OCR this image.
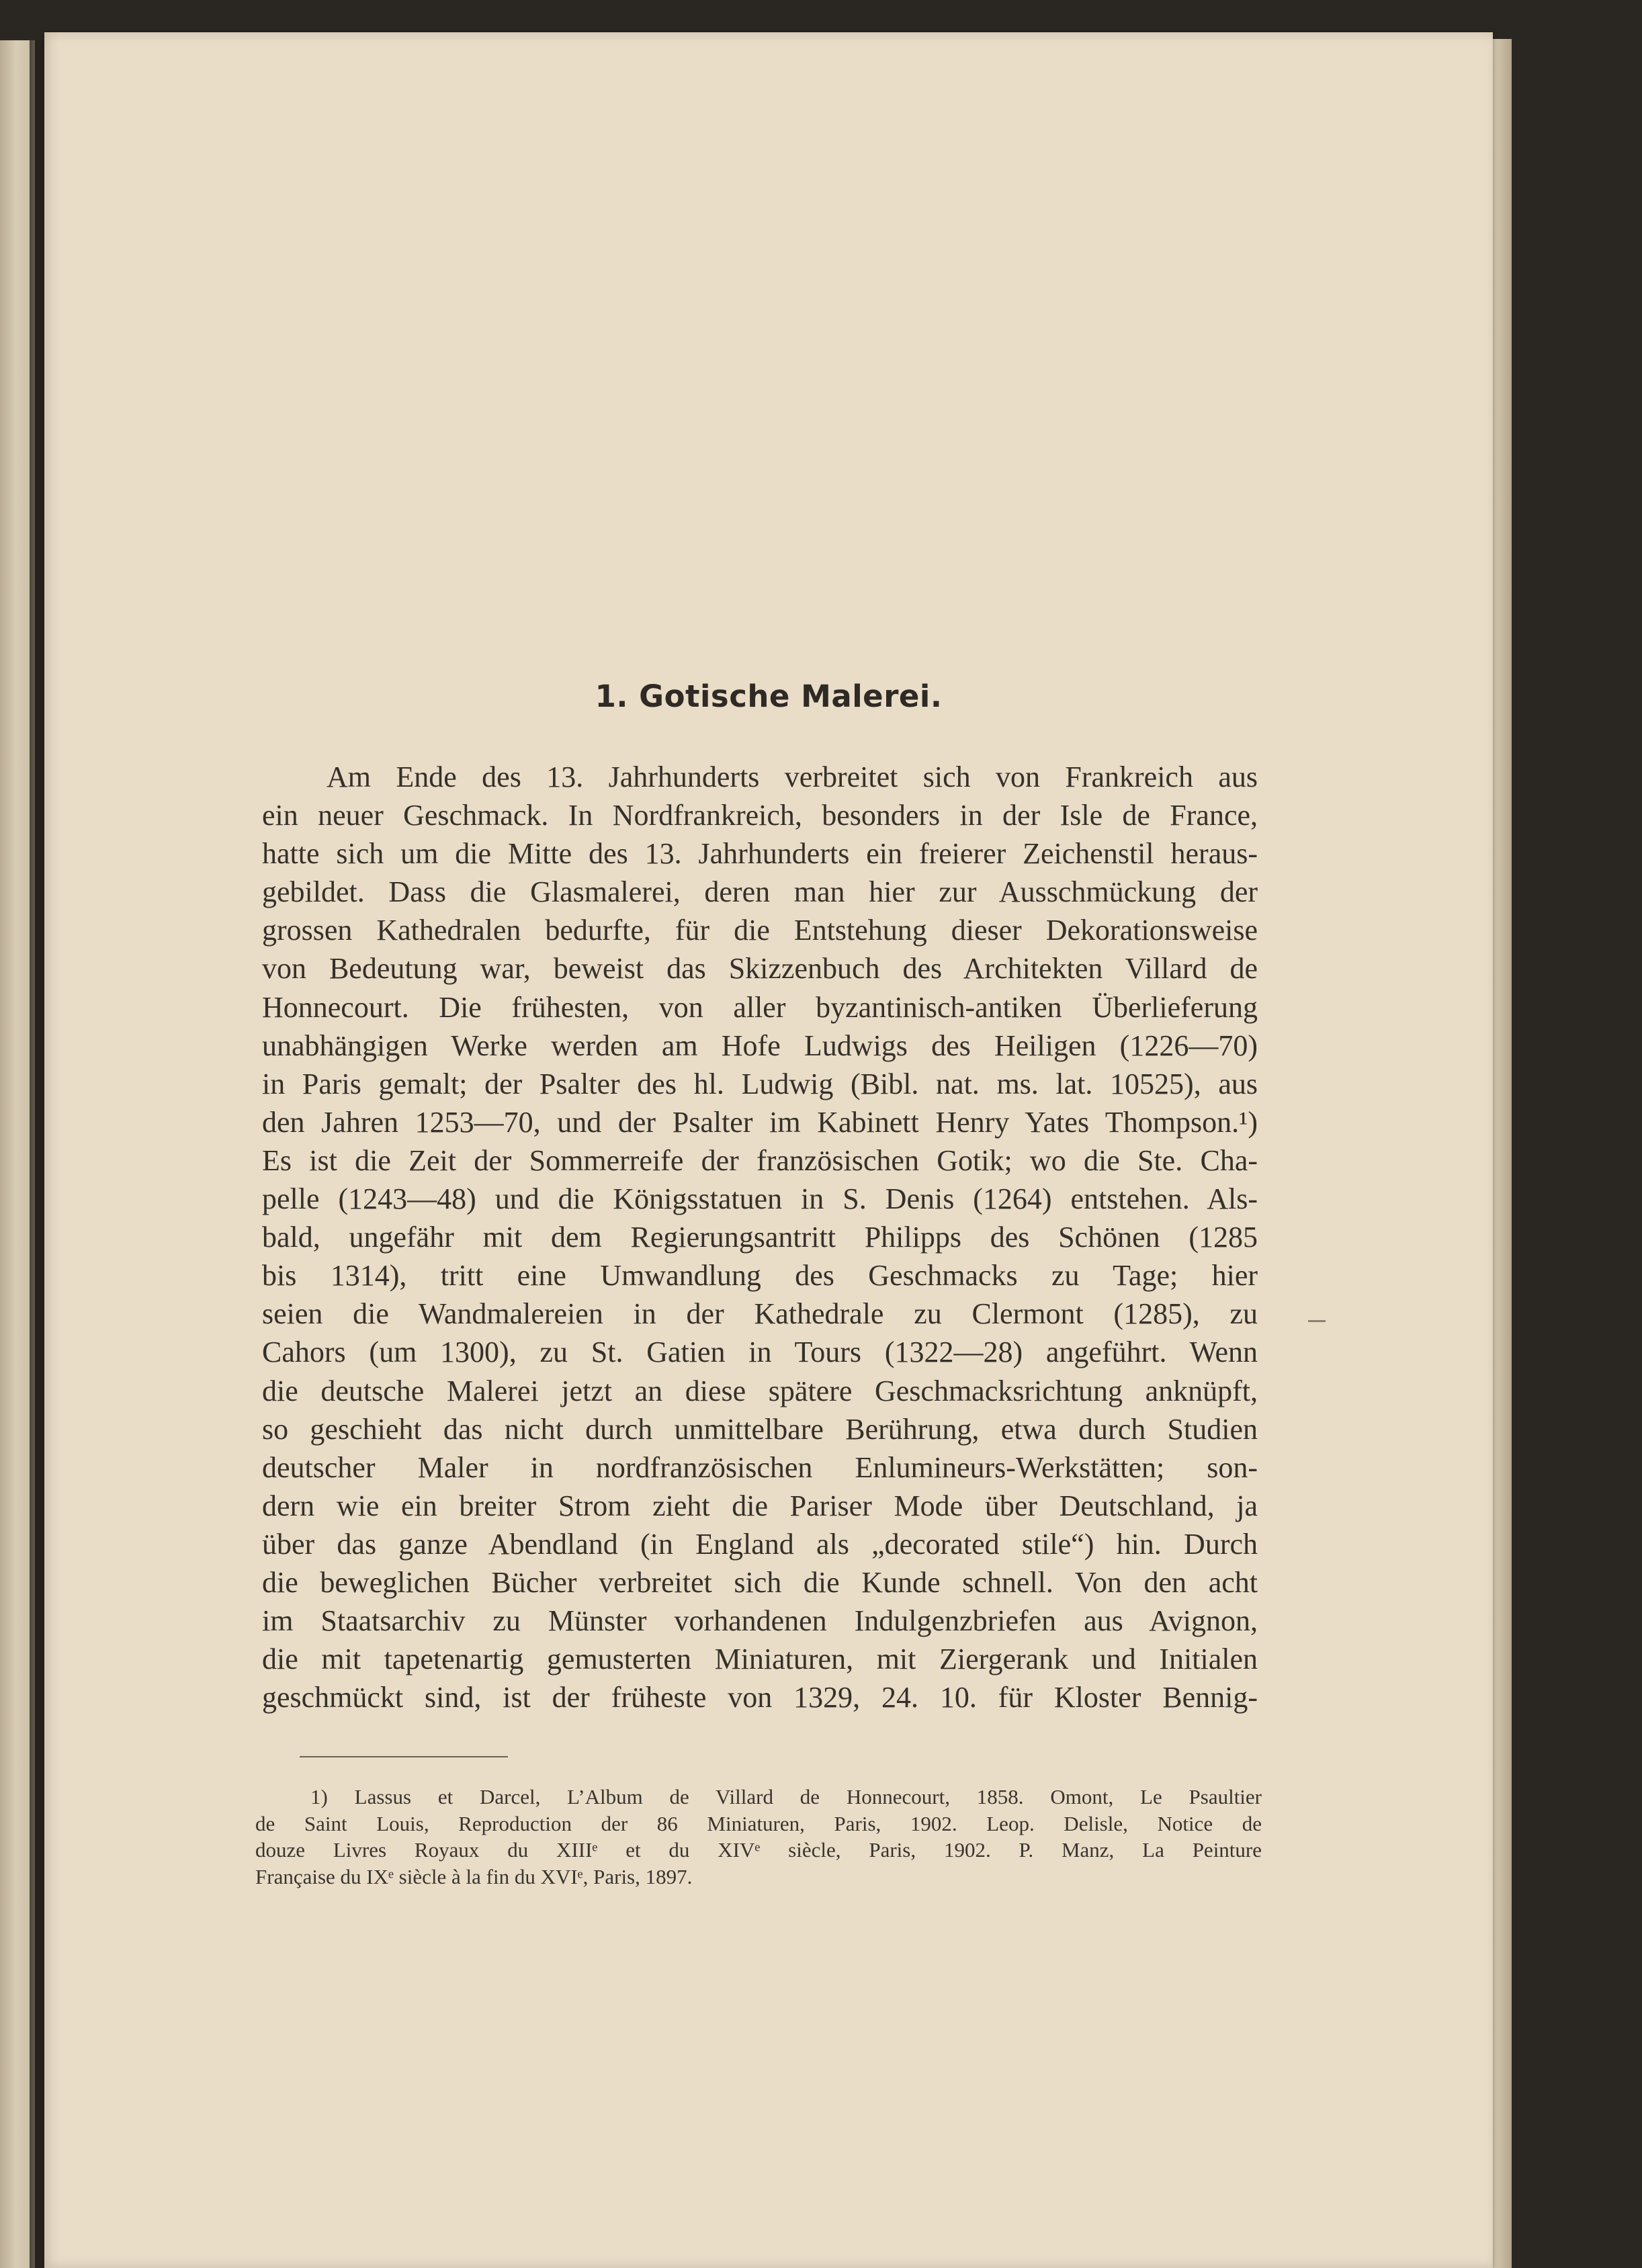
1. Gotische Malerei.
Am Ende des 13. Jahrhunderts verbreitet sich von Frankreich aus
ein neuer Geschmack. In Nordfrankreich, besonders in der Isle de France,
hatte sich um die Mitte des 13. Jahrhunderts ein freierer Zeichenstil heraus-
gebildet. Dass die Glasmalerei, deren man hier zur Ausschmückung der
grossen Kathedralen bedurfte, für die Entstehung dieser Dekorationsweise
von Bedeutung war, beweist das Skizzenbuch des Architekten Villard de
Honnecourt. Die frühesten, von aller byzantinisch-antiken Überlieferung
unabhängigen Werke werden am Hofe Ludwigs des Heiligen (1226—70)
in Paris gemalt; der Psalter des hl. Ludwig (Bibl. nat. ms. lat. 10525), aus
den Jahren 1253—70, und der Psalter im Kabinett Henry Yates Thompson.¹)
Es ist die Zeit der Sommerreife der französischen Gotik; wo die Ste. Cha-
pelle (1243—48) und die Königsstatuen in S. Denis (1264) entstehen. Als-
bald, ungefähr mit dem Regierungsantritt Philipps des Schönen (1285
bis 1314), tritt eine Umwandlung des Geschmacks zu Tage; hier
seien die Wandmalereien in der Kathedrale zu Clermont (1285), zu
Cahors (um 1300), zu St. Gatien in Tours (1322—28) angeführt. Wenn
die deutsche Malerei jetzt an diese spätere Geschmacksrichtung anknüpft,
so geschieht das nicht durch unmittelbare Berührung, etwa durch Studien
deutscher Maler in nordfranzösischen Enlumineurs-Werkstätten; son-
dern wie ein breiter Strom zieht die Pariser Mode über Deutschland, ja
über das ganze Abendland (in England als „decorated stile“) hin. Durch
die beweglichen Bücher verbreitet sich die Kunde schnell. Von den acht
im Staatsarchiv zu Münster vorhandenen Indulgenzbriefen aus Avignon,
die mit tapetenartig gemusterten Miniaturen, mit Ziergerank und Initialen
geschmückt sind, ist der früheste von 1329, 24. 10. für Kloster Bennig-
1) Lassus et Darcel, L’Album de Villard de Honnecourt, 1858. Omont, Le Psaultier
de Saint Louis, Reproduction der 86 Miniaturen, Paris, 1902. Leop. Delisle, Notice de
douze Livres Royaux du XIIIᵉ et du XIVᵉ siècle, Paris, 1902. P. Manz, La Peinture
Française du IXᵉ siècle à la fin du XVIᵉ, Paris, 1897.
